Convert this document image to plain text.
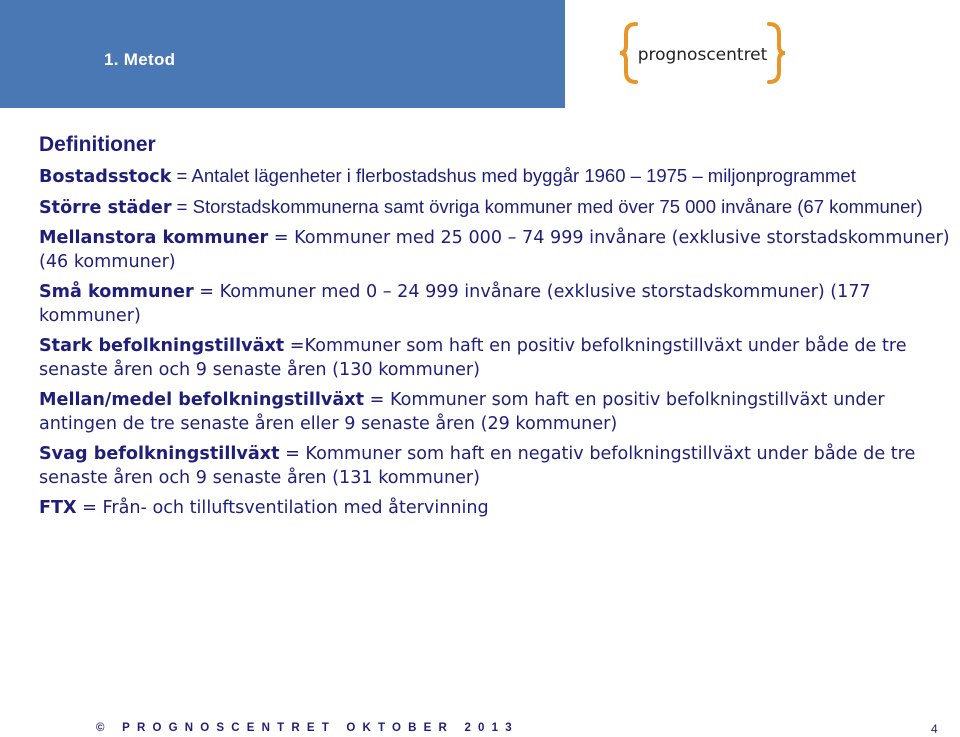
1. Metod	prognoscentret
Definitioner
Bostadsstock = Antalet lägenheter i flerbostadshus med byggår 1960 – 1975 – miljonprogrammet
Större städer = Storstadskommunerna samt övriga kommuner med över 75 000 invånare (67 kommuner)
Mellanstora kommuner = Kommuner med 25 000 – 74 999 invånare (exklusive storstadskommuner) (46 kommuner)
Små kommuner = Kommuner med 0 – 24 999 invånare (exklusive storstadskommuner) (177 kommuner)
Stark befolkningstillväxt =Kommuner som haft en positiv befolkningstillväxt under både de tre senaste åren och 9 senaste åren (130 kommuner)
Mellan/medel befolkningstillväxt = Kommuner som haft en positiv befolkningstillväxt under antingen de tre senaste åren eller 9 senaste åren (29 kommuner)
Svag befolkningstillväxt = Kommuner som haft en negativ befolkningstillväxt under både de tre senaste åren och 9 senaste åren (131 kommuner)
FTX = Från- och tilluftsventilation med återvinning
© PROGNOSCENTRET OKTOBER 2013	4
